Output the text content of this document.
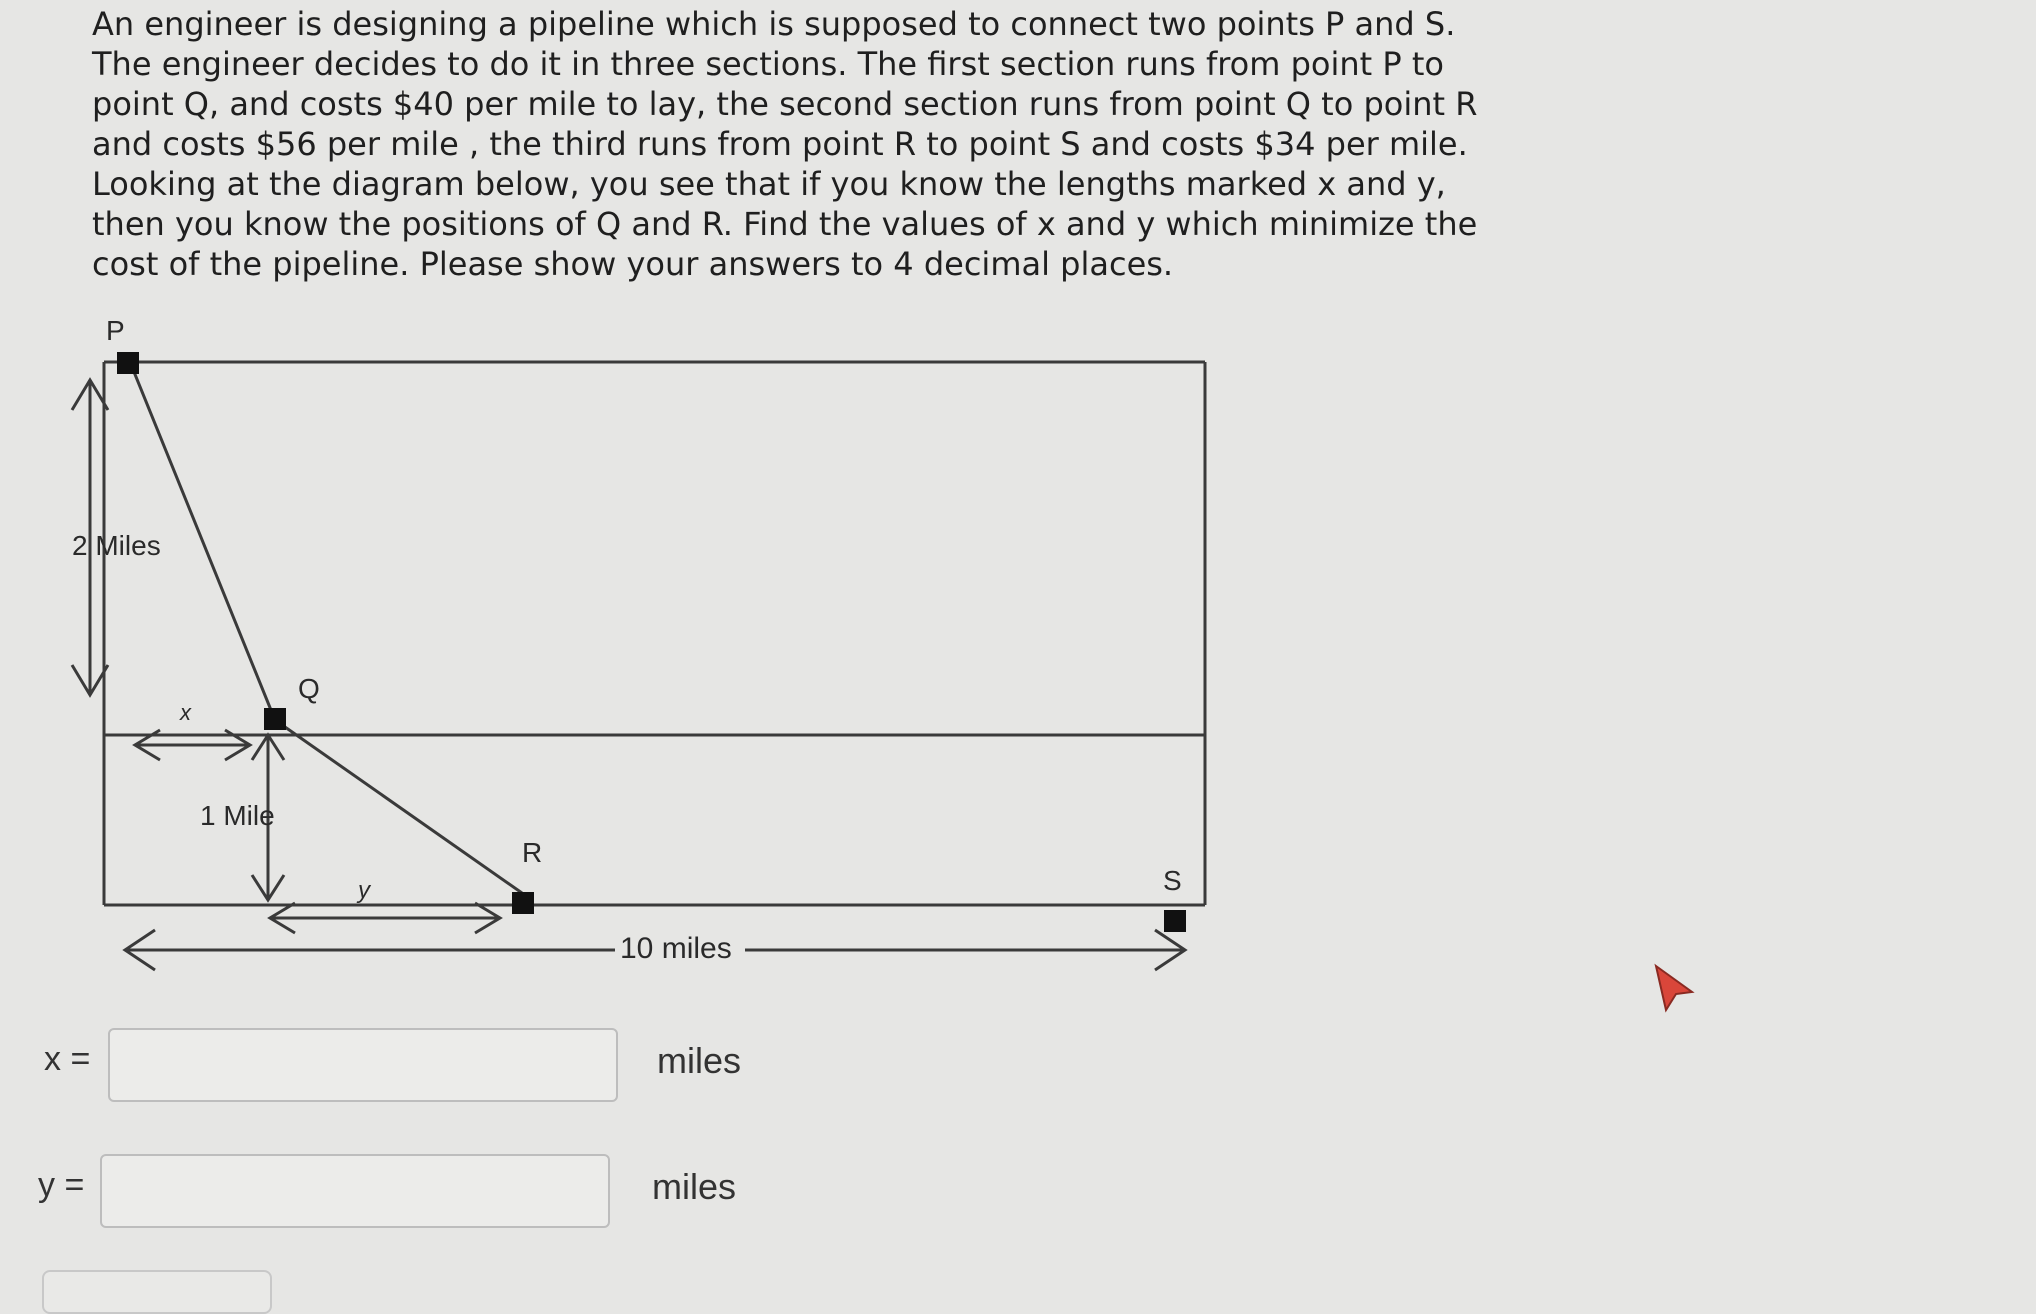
An engineer is designing a pipeline which is supposed to connect two points P and S. The engineer decides to do it in three sections. The first section runs from point P to point Q, and costs $40 per mile to lay, the second section runs from point Q to point R and costs $56 per mile , the third runs from point R to point S and costs $34 per mile. Looking at the diagram below, you see that if you know the lengths marked x and y, then you know the positions of Q and R. Find the values of x and y which minimize the cost of the pipeline. Please show your answers to 4 decimal places.

2 Miles
x
1 Mile
y
10 miles
P
Q
R
S
x =	miles
y =	miles
